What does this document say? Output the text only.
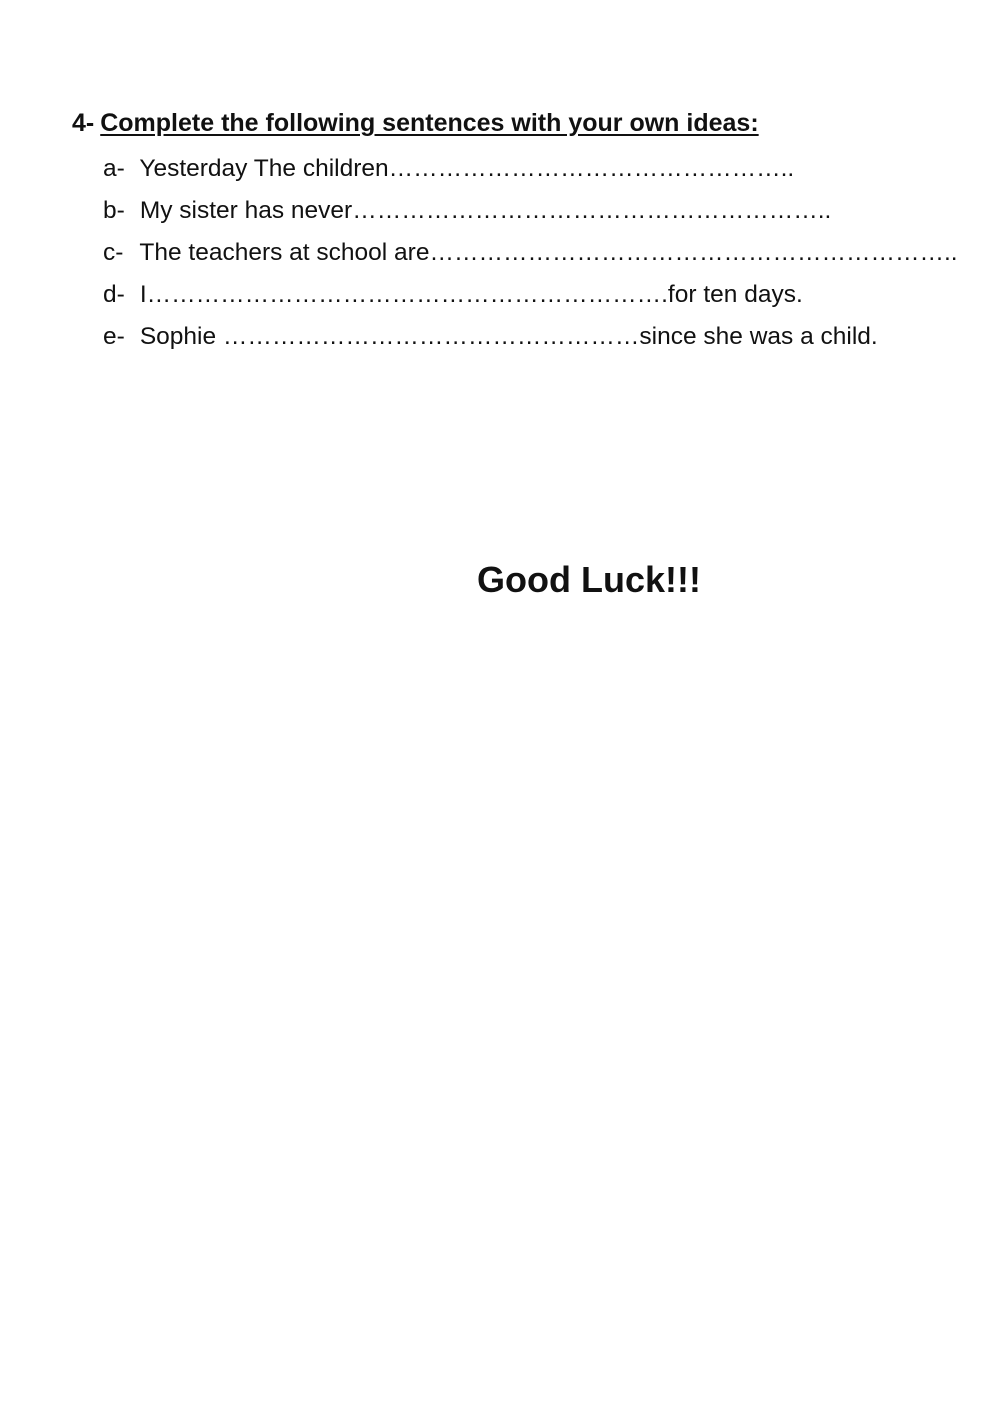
4- Complete the following sentences with your own ideas:
a- Yesterday The children…………………………………………..
b- My sister has never…………………………………………………..
c- The teachers at school are………………………………………………………..
d- I……………………………………………………….for ten days.
e- Sophie ……………………………………………since she was a child.
Good Luck!!!
